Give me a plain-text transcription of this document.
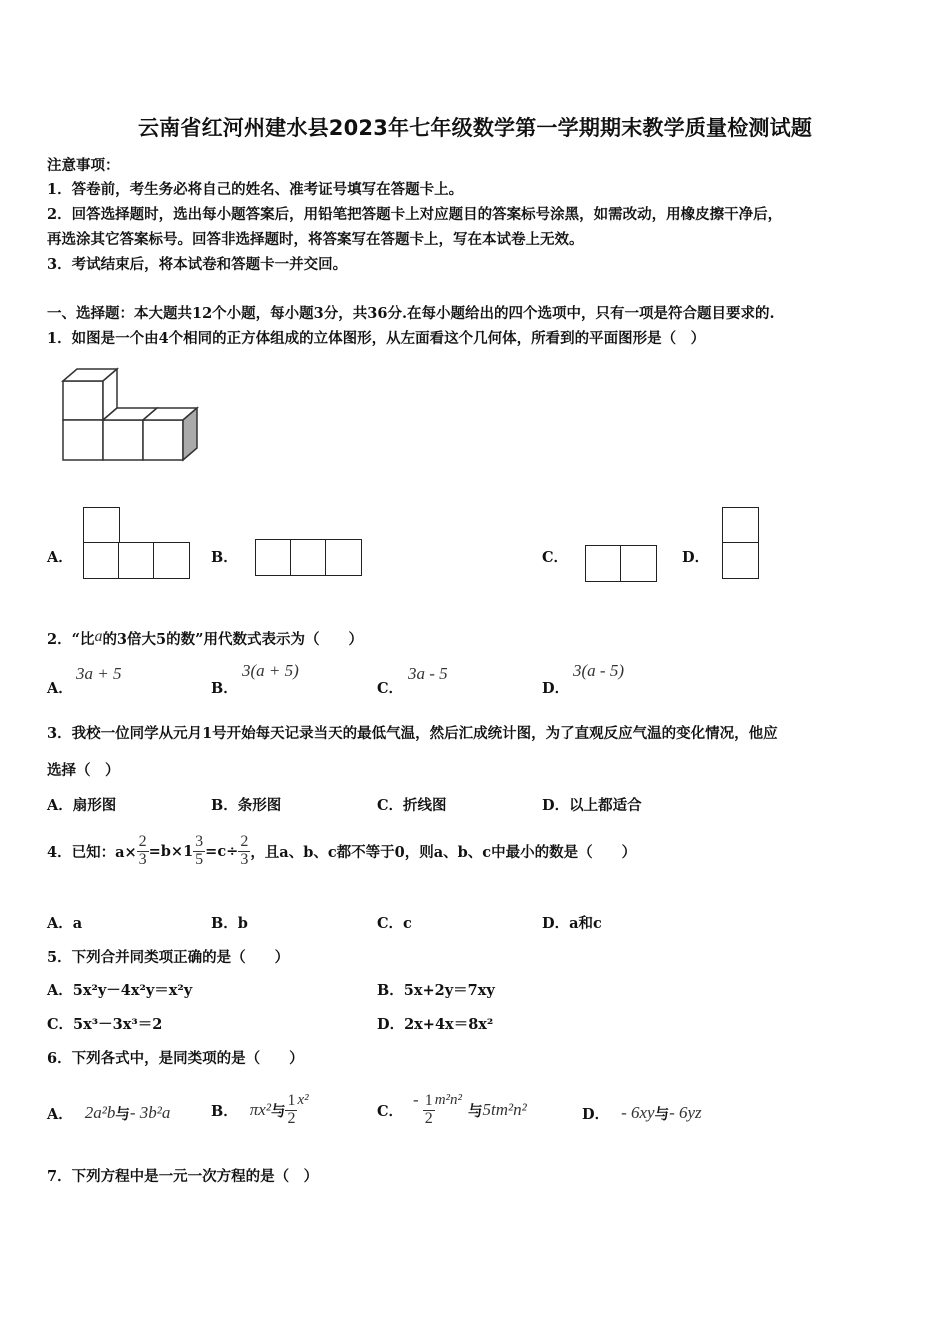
云南省红河州建水县2023年七年级数学第一学期期末教学质量检测试题
注意事项：
1．答卷前，考生务必将自己的姓名、准考证号填写在答题卡上。
2．回答选择题时，选出每小题答案后，用铅笔把答题卡上对应题目的答案标号涂黑，如需改动，用橡皮擦干净后，
再选涂其它答案标号。回答非选择题时，将答案写在答题卡上，写在本试卷上无效。
3．考试结束后，将本试卷和答题卡一并交回。
一、选择题：本大题共12个小题，每小题3分，共36分.在每小题给出的四个选项中，只有一项是符合题目要求的.
1．如图是一个由4个相同的正方体组成的立体图形，从左面看这个几何体，所看到的平面图形是（　）
A．	B．	C．	D．
2．“比a的3倍大5的数”用代数式表示为（　　）
A．
3a + 5
B．
3(a + 5)
C．
3a - 5
D．
3(a - 5)
3．我校一位同学从元月1号开始每天记录当天的最低气温，然后汇成统计图，为了直观反应气温的变化情况，他应
选择（　）
A．扇形图	B．条形图	C．折线图	D．以上都适合
4．已知：$a\times \frac{2}{3} =b\times 1 \frac{3}{5} =c\div \frac{2}{3}$ ，且a、b、c都不等于0，则a、b、c中最小的数是（　　）
A．a	B．b	C．c	D．a和c
5．下列合并同类项正确的是（　　）
A．5x²y－4x²y＝x²y	B．5x+2y＝7xy
C．5x³－3x³＝2	D．2x+4x＝8x²
6．下列各式中，是同类项的是（　　）
A． 2a²b 与 - 3b²a	B． πx² 与 $\frac{1}{2} x^2$
C．
- $\frac{1}{2} m^2n^2$
与 5tm²n²	D． - 6xy 与 - 6yz
7．下列方程中是一元一次方程的是（　）
